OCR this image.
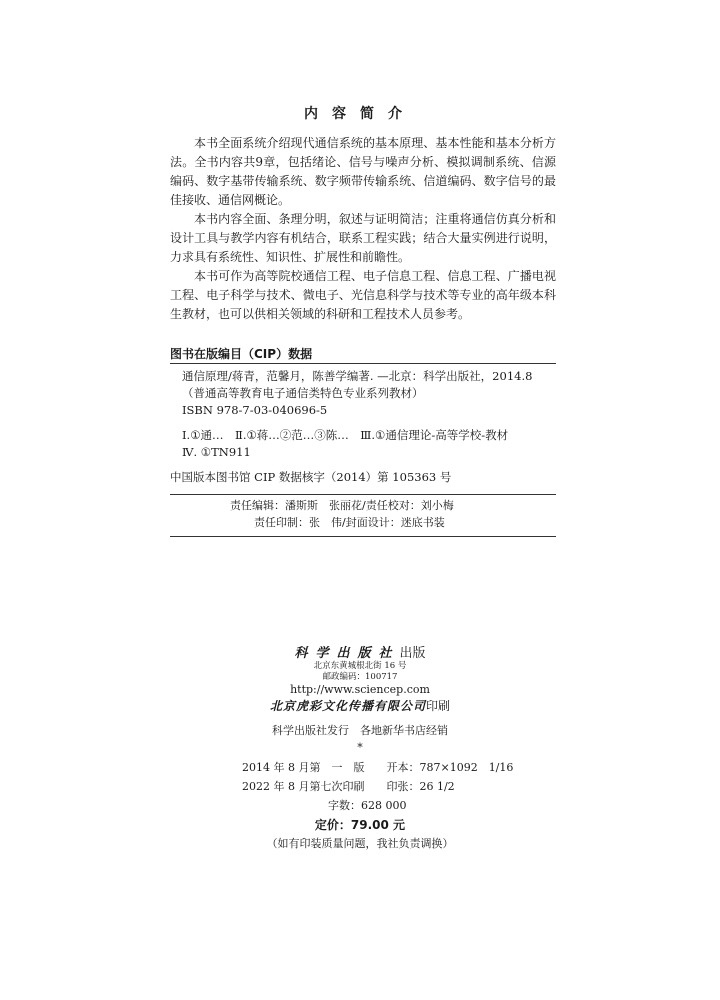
内容简介

本书全面系统介绍现代通信系统的基本原理、基本性能和基本分析方法。全书内容共9章，包括绪论、信号与噪声分析、模拟调制系统、信源编码、数字基带传输系统、数字频带传输系统、信道编码、数字信号的最佳接收、通信网概论。

本书内容全面、条理分明，叙述与证明简洁；注重将通信仿真分析和设计工具与教学内容有机结合，联系工程实践；结合大量实例进行说明，力求具有系统性、知识性、扩展性和前瞻性。

本书可作为高等院校通信工程、电子信息工程、信息工程、广播电视工程、电子科学与技术、微电子、光信息科学与技术等专业的高年级本科生教材，也可以供相关领域的科研和工程技术人员参考。

图书在版编目（CIP）数据
通信原理/蒋青，范馨月，陈善学编著. —北京：科学出版社，2014.8
（普通高等教育电子通信类特色专业系列教材）
ISBN 978-7-03-040696-5
Ⅰ.①通…　Ⅱ.①蒋…②范…③陈…　Ⅲ.①通信理论-高等学校-教材
Ⅳ. ①TN911
中国版本图书馆 CIP 数据核字（2014）第 105363 号
责任编辑：潘斯斯　张丽花/责任校对：刘小梅
责任印制：张　伟/封面设计：迷底书装
科学出版社出版
北京东黄城根北街 16 号
邮政编码：100717
http://www.sciencep.com
北京虎彩文化传播有限公司印刷
科学出版社发行　各地新华书店经销
*
2014 年 8 月第　一　版　　开本：787×1092　1/16
2022 年 8 月第七次印刷　　印张：26 1/2
字数：628 000
定价：79.00 元
（如有印装质量问题，我社负责调换）
